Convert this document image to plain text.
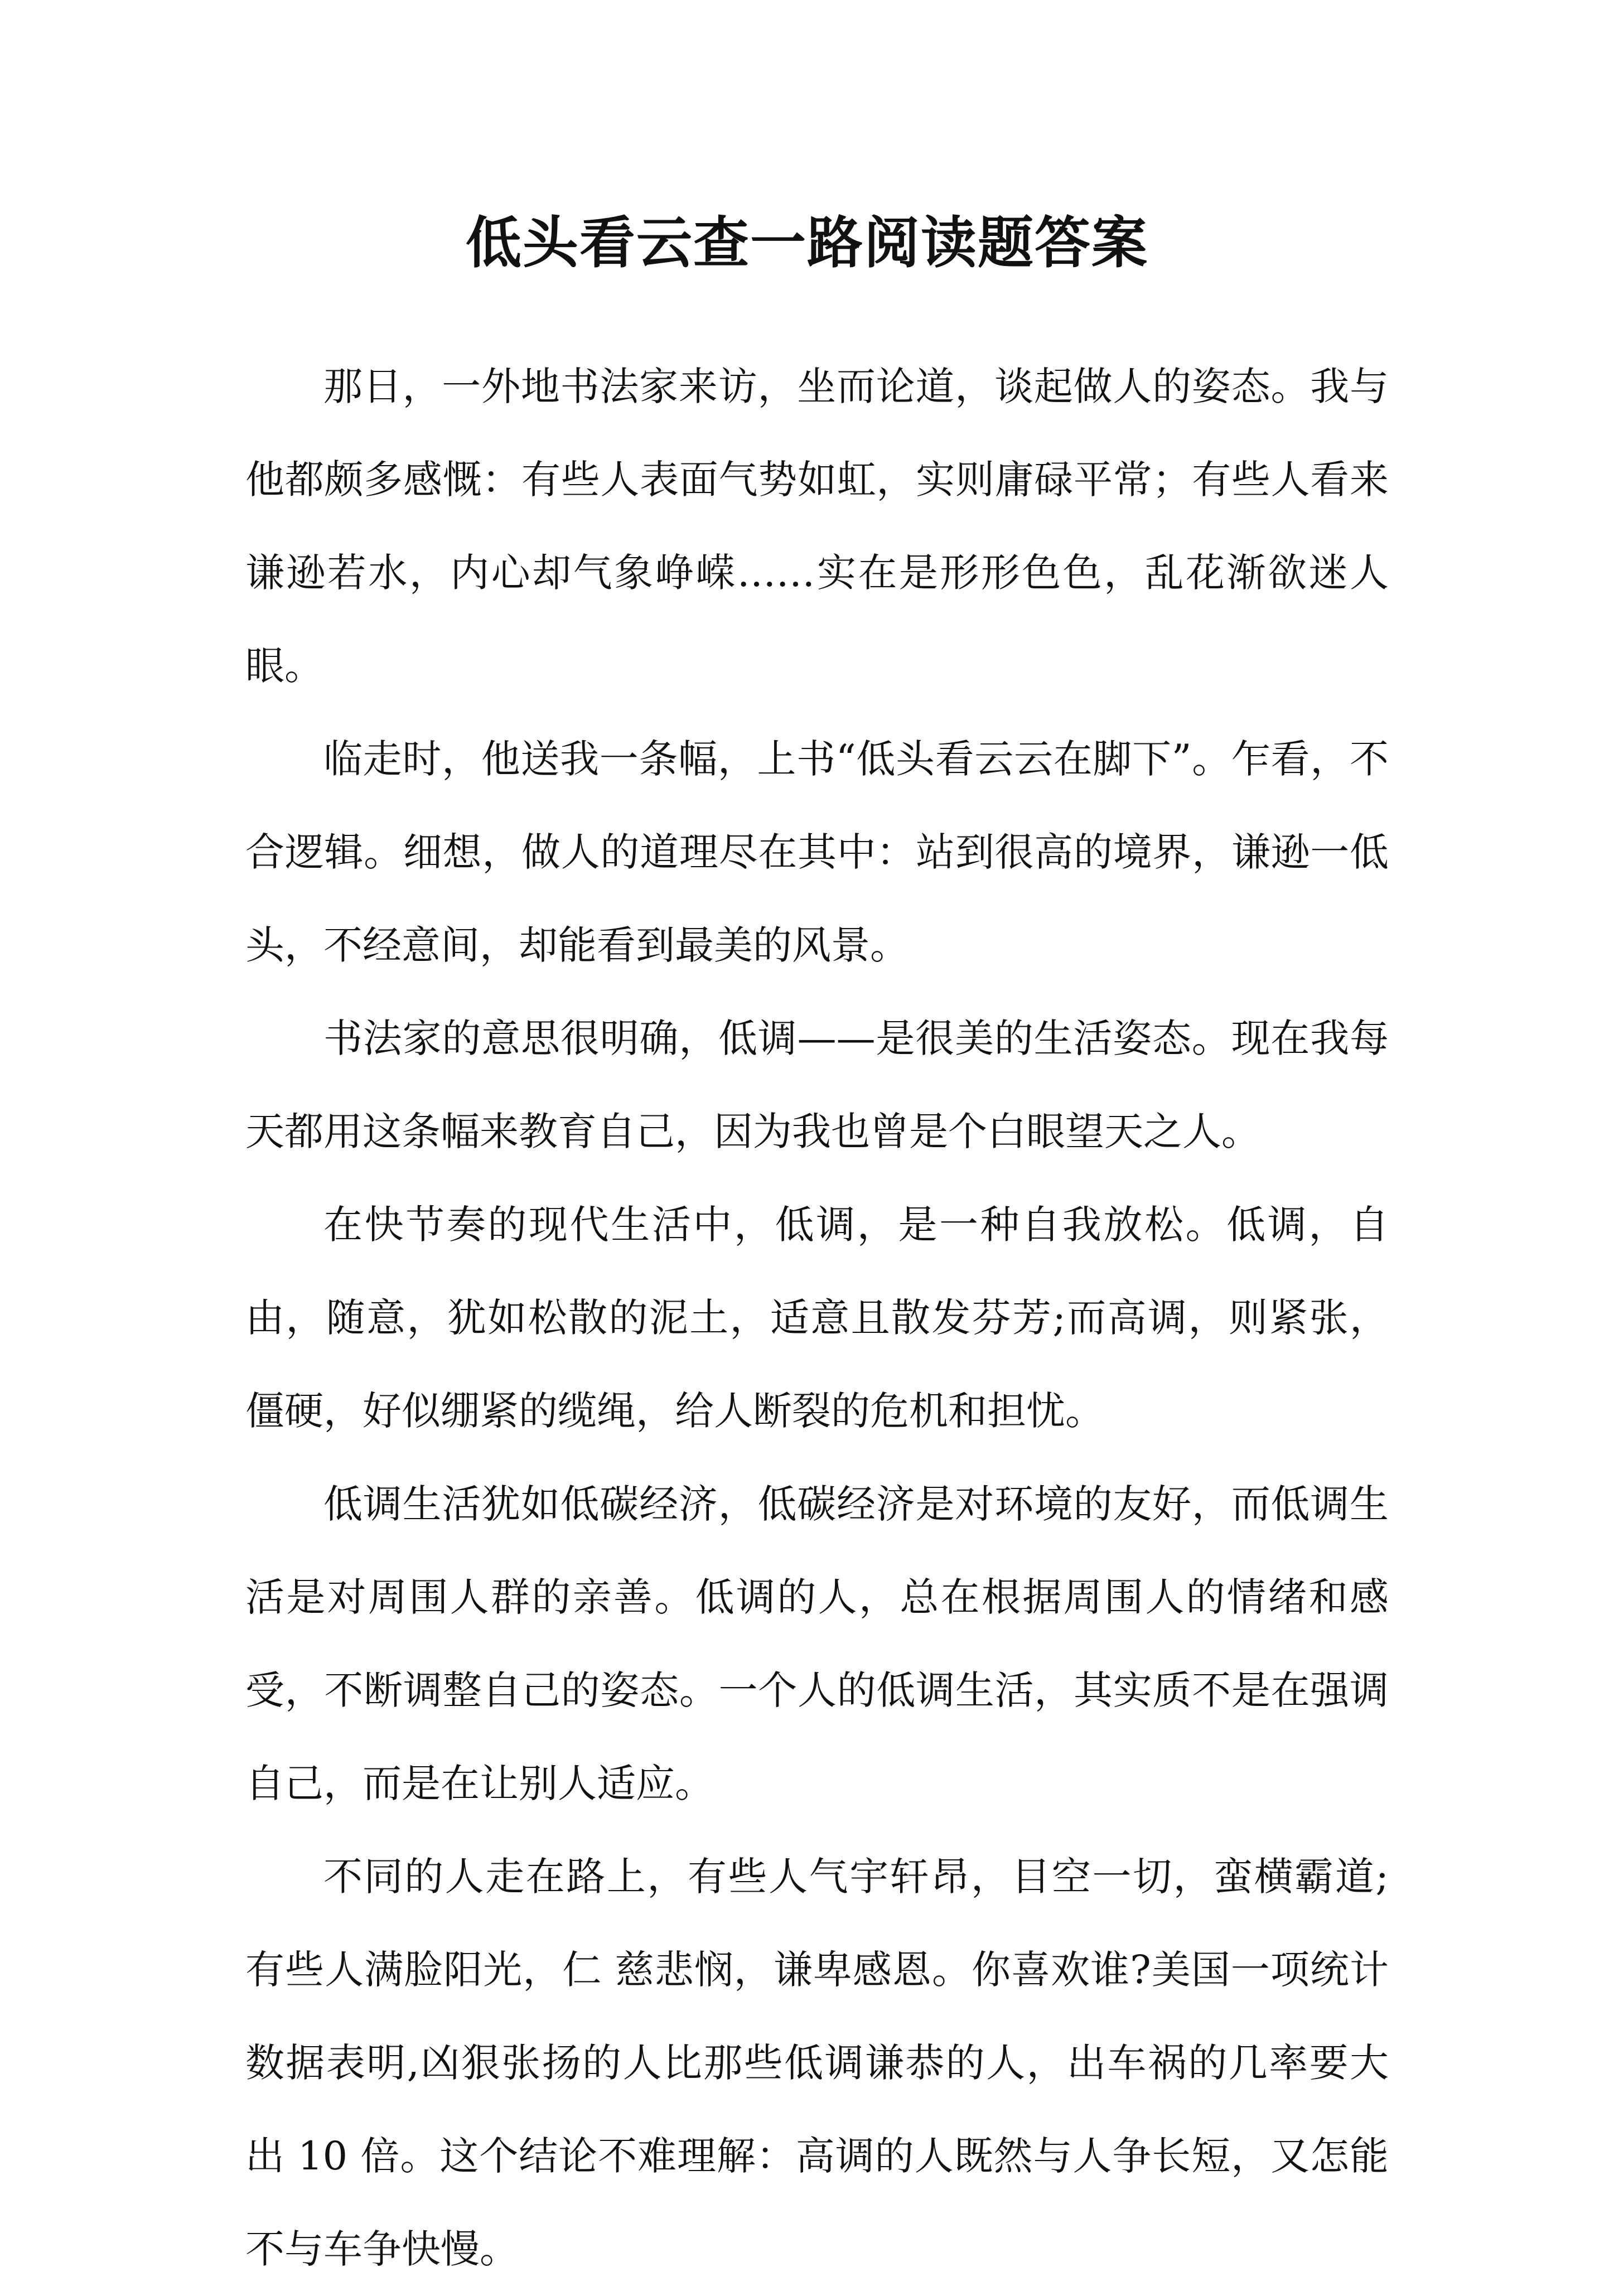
低头看云查一路阅读题答案

那日，一外地书法家来访，坐而论道，谈起做人的姿态。我与他都颇多感慨：有些人表面气势如虹，实则庸碌平常；有些人看来谦逊若水，内心却气象峥嵘……实在是形形色色，乱花渐欲迷人眼。

临走时，他送我一条幅，上书“低头看云云在脚下”。乍看，不合逻辑。细想，做人的道理尽在其中：站到很高的境界，谦逊一低 头，不经意间，却能看到最美的风景。

书法家的意思很明确，低调——是很美的生活姿态。现在我每天都用这条幅来教育自己，因为我也曾是个白眼望天之人。

在快节奏的现代生活中，低调，是一种自我放松。低调，自由，随意，犹如松散的泥土，适意且散发芬芳;而高调，则紧张，僵硬，好似绷紧的缆绳，给人断裂的危机和担忧。

低调生活犹如低碳经济，低碳经济是对环境的友好，而低调生活是对周围人群的亲善。低调的人，总在根据周围人的情绪和感受，不断调整自己的姿态。一个人的低调生活，其实质不是在强调自己，而是在让别人适应。

不同的人走在路上，有些人气宇轩昂，目空一切，蛮横霸道;有些人满脸阳光，仁 慈悲悯，谦卑感恩。你喜欢谁?美国一项统计数据表明,凶狠张扬的人比那些低调谦恭的人，出车祸的几率要大出 10 倍。这个结论不难理解：高调的人既然与人争长短，又怎能不与车争快慢。
